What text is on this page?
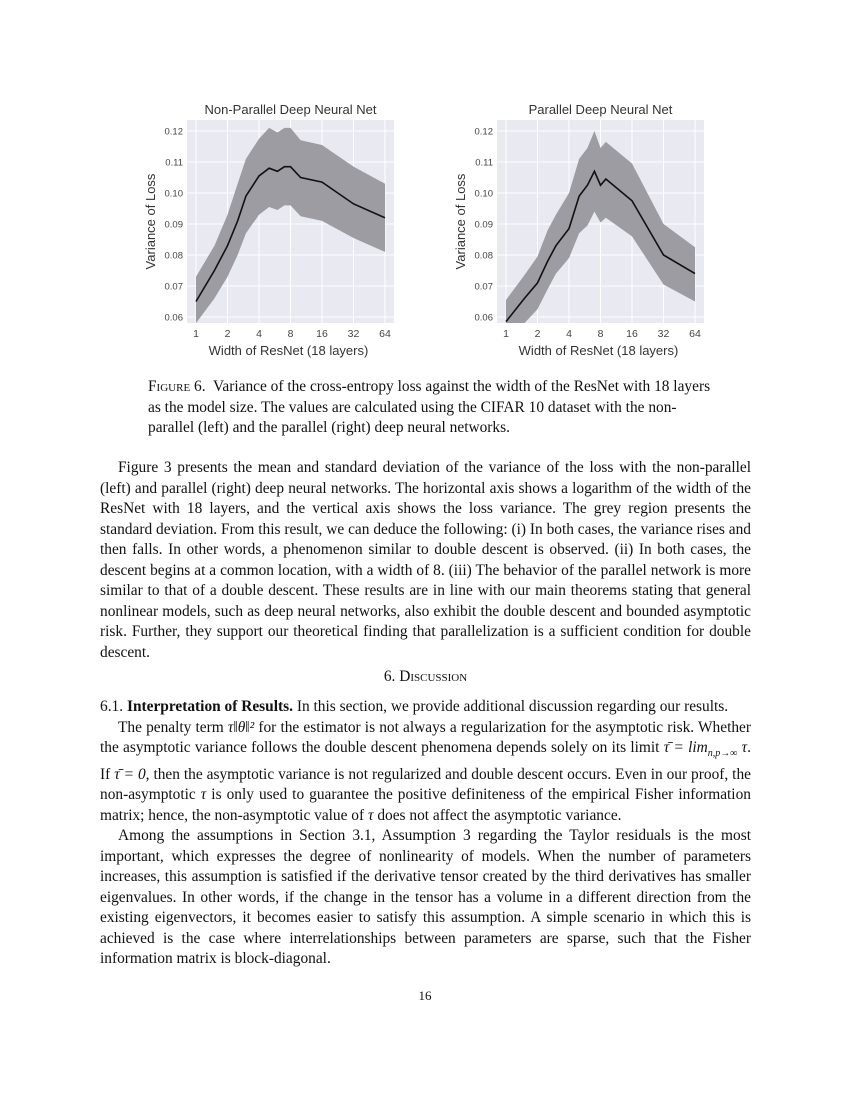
1 2 4 8 16 32 64
0.06
0.07
0.08
0.09
0.10
0.11
0.12
Non-Parallel Deep Neural Net
Width of ResNet (18 layers)
Variance of Loss
1 2 4 8 16 32 64
0.06
0.07
0.08
0.09
0.10
0.11
0.12
Parallel Deep Neural Net
Width of ResNet (18 layers)
Variance of Loss
Figure 6. Variance of the cross-entropy loss against the width of the ResNet with 18 layers as the model size. The values are calculated using the CIFAR 10 dataset with the non-parallel (left) and the parallel (right) deep neural networks.

Figure 3 presents the mean and standard deviation of the variance of the loss with the non-parallel (left) and parallel (right) deep neural networks. The horizontal axis shows a logarithm of the width of the ResNet with 18 layers, and the vertical axis shows the loss variance. The grey region presents the standard deviation. From this result, we can deduce the following: (i) In both cases, the variance rises and then falls. In other words, a phenomenon similar to double descent is observed. (ii) In both cases, the descent begins at a common location, with a width of 8. (iii) The behavior of the parallel network is more similar to that of a double descent. These results are in line with our main theorems stating that general nonlinear models, such as deep neural networks, also exhibit the double descent and bounded asymptotic risk. Further, they support our theoretical finding that parallelization is a sufficient condition for double descent.

6. Discussion

6.1. Interpretation of Results. In this section, we provide additional discussion regarding our results.

The penalty term τ‖θ‖² for the estimator is not always a regularization for the asymptotic risk. Whether the asymptotic variance follows the double descent phenomena depends solely on its limit τ̄ = $\lim_{n,p\to\infty} \tau$. If τ̄ = 0, then the asymptotic variance is not regularized and double descent occurs. Even in our proof, the non-asymptotic τ is only used to guarantee the positive definiteness of the empirical Fisher information matrix; hence, the non-asymptotic value of τ does not affect the asymptotic variance.

Among the assumptions in Section 3.1, Assumption 3 regarding the Taylor residuals is the most important, which expresses the degree of nonlinearity of models. When the number of parameters increases, this assumption is satisfied if the derivative tensor created by the third derivatives has smaller eigenvalues. In other words, if the change in the tensor has a volume in a different direction from the existing eigenvectors, it becomes easier to satisfy this assumption. A simple scenario in which this is achieved is the case where interrelationships between parameters are sparse, such that the Fisher information matrix is block-diagonal.

16
